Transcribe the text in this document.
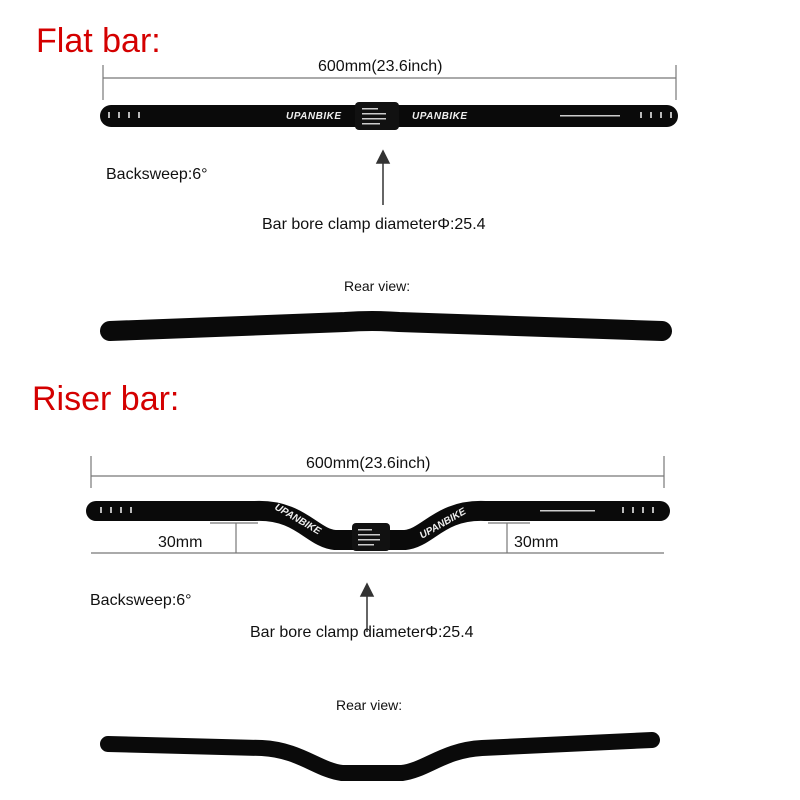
Flat bar:
600mm(23.6inch)
UPANBIKE	UPANBIKE
Backsweep:6°
Bar bore clamp diameterΦ:25.4
Rear view:
Riser bar:
600mm(23.6inch)
UPANBIKE	UPANBIKE
30mm	30mm
Backsweep:6°
Bar bore clamp diameterΦ:25.4
Rear view:
